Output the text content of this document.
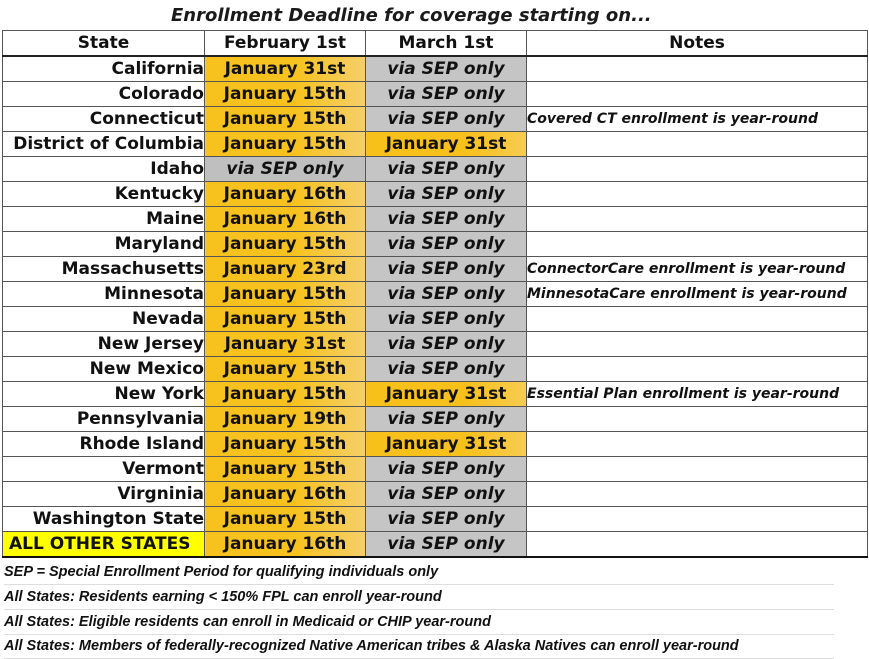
Enrollment Deadline for coverage starting on...
State	February 1st	March 1st	Notes
California	January 31st	via SEP only	
Colorado	January 15th	via SEP only	
Connecticut	January 15th	via SEP only	Covered CT enrollment is year-round
District of Columbia	January 15th	January 31st	
Idaho	via SEP only	via SEP only	
Kentucky	January 16th	via SEP only	
Maine	January 16th	via SEP only	
Maryland	January 15th	via SEP only	
Massachusetts	January 23rd	via SEP only	ConnectorCare enrollment is year-round
Minnesota	January 15th	via SEP only	MinnesotaCare enrollment is year-round
Nevada	January 15th	via SEP only	
New Jersey	January 31st	via SEP only	
New Mexico	January 15th	via SEP only	
New York	January 15th	January 31st	Essential Plan enrollment is year-round
Pennsylvania	January 19th	via SEP only	
Rhode Island	January 15th	January 31st	
Vermont	January 15th	via SEP only	
Virgninia	January 16th	via SEP only	
Washington State	January 15th	via SEP only	
ALL OTHER STATES	January 16th	via SEP only	
SEP = Special Enrollment Period for qualifying individuals only
All States: Residents earning < 150% FPL can enroll year-round
All States: Eligible residents can enroll in Medicaid or CHIP year-round
All States: Members of federally-recognized Native American tribes & Alaska Natives can enroll year-round
